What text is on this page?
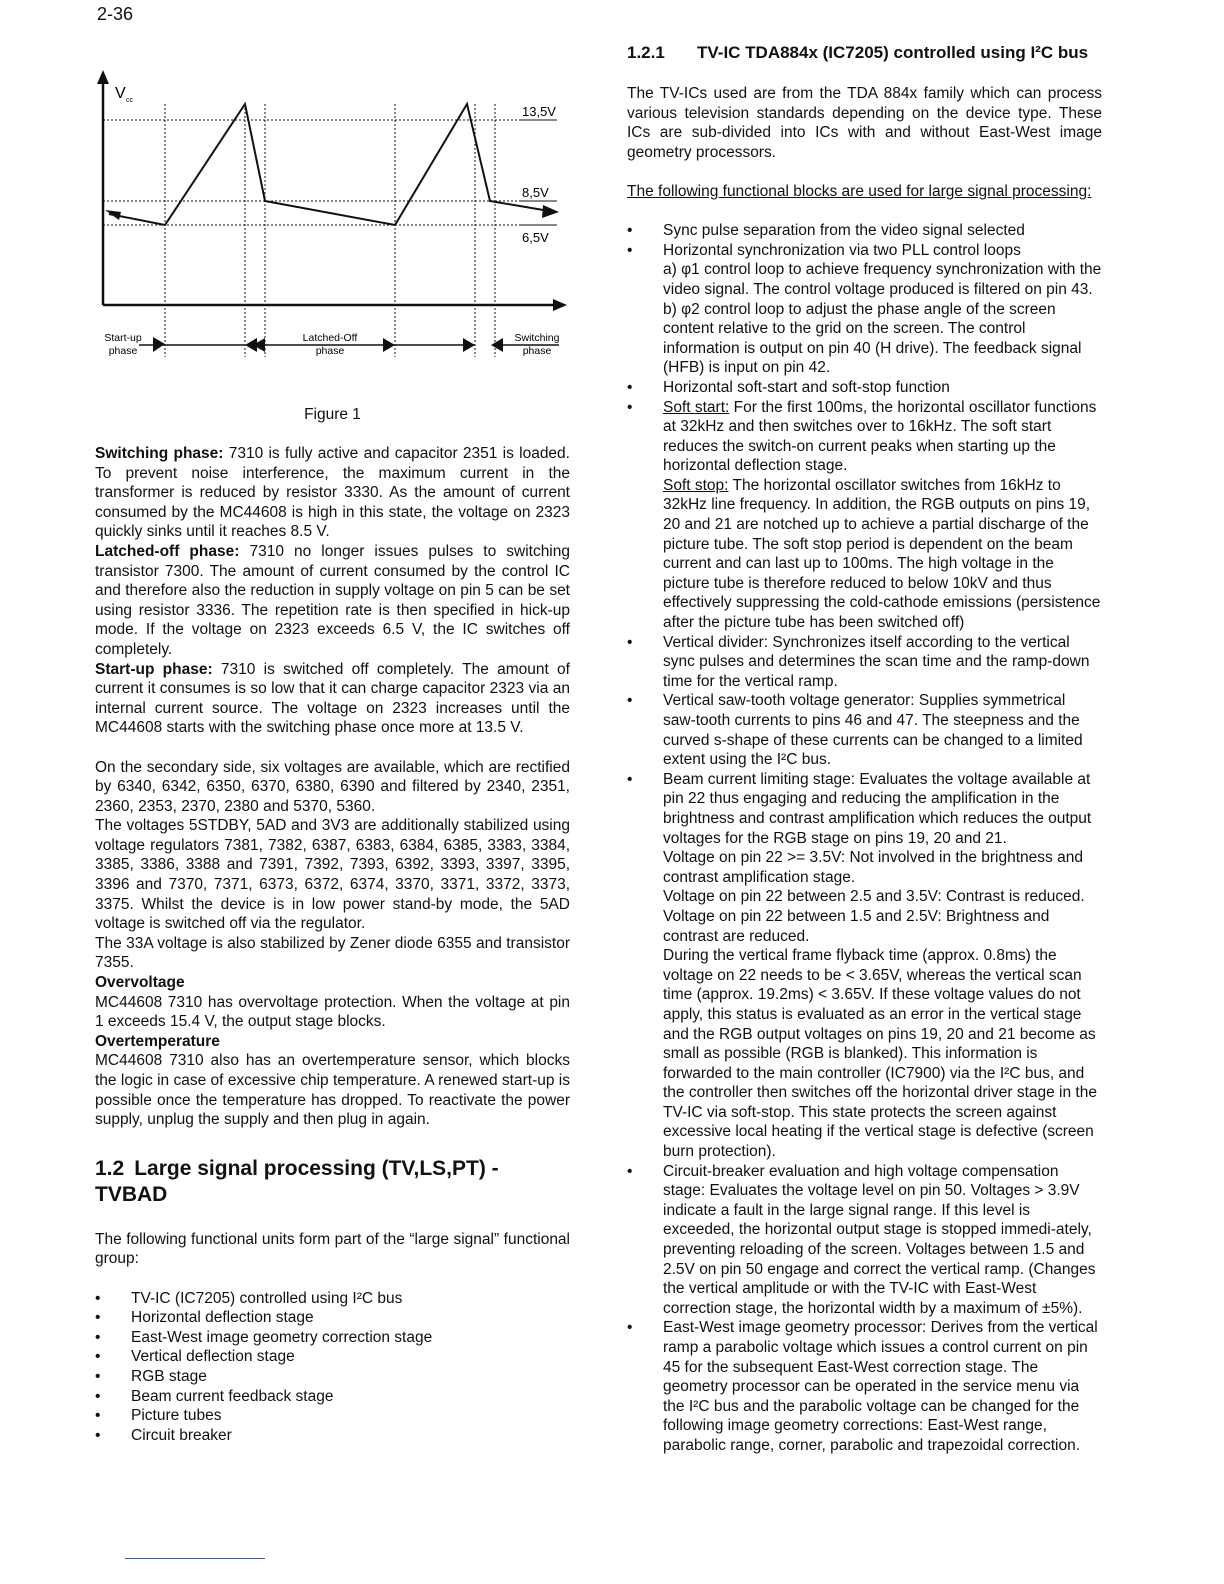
2-36
V cc
13,5V
8,5V
6,5V
Start-up
phase
Latched-Off
phase
Switching
phase
Figure 1

Switching phase: 7310 is fully active and capacitor 2351 is loaded. To prevent noise interference, the maximum current in the transformer is reduced by resistor 3330. As the amount of current consumed by the MC44608 is high in this state, the voltage on 2323 quickly sinks until it reaches 8.5 V.

Latched-off phase: 7310 no longer issues pulses to switching transistor 7300. The amount of current consumed by the control IC and therefore also the reduction in supply voltage on pin 5 can be set using resistor 3336. The repetition rate is then specified in hick-up mode. If the voltage on 2323 exceeds 6.5 V, the IC switches off completely.

Start-up phase: 7310 is switched off completely. The amount of current it consumes is so low that it can charge capacitor 2323 via an internal current source. The voltage on 2323 increases until the MC44608 starts with the switching phase once more at 13.5 V.

On the secondary side, six voltages are available, which are rectified by 6340, 6342, 6350, 6370, 6380, 6390 and filtered by 2340, 2351, 2360, 2353, 2370, 2380 and 5370, 5360.

The voltages 5STDBY, 5AD and 3V3 are additionally stabilized using voltage regulators 7381, 7382, 6387, 6383, 6384, 6385, 3383, 3384, 3385, 3386, 3388 and 7391, 7392, 7393, 6392, 3393, 3397, 3395, 3396 and 7370, 7371, 6373, 6372, 6374, 3370, 3371, 3372, 3373, 3375. Whilst the device is in low power stand-by mode, the 5AD voltage is switched off via the regulator.

The 33A voltage is also stabilized by Zener diode 6355 and transistor 7355.

Overvoltage

MC44608 7310 has overvoltage protection. When the voltage at pin 1 exceeds 15.4 V, the output stage blocks.

Overtemperature

MC44608 7310 also has an overtemperature sensor, which blocks the logic in case of excessive chip temperature. A renewed start-up is possible once the temperature has dropped. To reactivate the power supply, unplug the supply and then plug in again.

1.2 Large signal processing (TV,LS,PT) - TVBAD

The following functional units form part of the “large signal” functional group:

• TV-IC (IC7205) controlled using I²C bus
• Horizontal deflection stage
• East-West image geometry correction stage
• Vertical deflection stage
• RGB stage
• Beam current feedback stage
• Picture tubes
• Circuit breaker
1.2.1	TV-IC TDA884x (IC7205) controlled using I²C bus

The TV-ICs used are from the TDA 884x family which can process various television standards depending on the device type. These ICs are sub-divided into ICs with and without East-West image geometry processors.

The following functional blocks are used for large signal processing:

• Sync pulse separation from the video signal selected
• Horizontal synchronization via two PLL control loops
a) φ1 control loop to achieve frequency synchronization with the video signal. The control voltage produced is filtered on pin 43.
b) φ2 control loop to adjust the phase angle of the screen content relative to the grid on the screen. The control information is output on pin 40 (H drive). The feedback signal (HFB) is input on pin 42.
• Horizontal soft-start and soft-stop function
• Soft start: For the first 100ms, the horizontal oscillator functions at 32kHz and then switches over to 16kHz. The soft start reduces the switch-on current peaks when starting up the horizontal deflection stage.
Soft stop: The horizontal oscillator switches from 16kHz to 32kHz line frequency. In addition, the RGB outputs on pins 19, 20 and 21 are notched up to achieve a partial discharge of the picture tube. The soft stop period is dependent on the beam current and can last up to 100ms. The high voltage in the picture tube is therefore reduced to below 10kV and thus effectively suppressing the cold-cathode emissions (persistence after the picture tube has been switched off)
• Vertical divider: Synchronizes itself according to the vertical sync pulses and determines the scan time and the ramp-down time for the vertical ramp.
• Vertical saw-tooth voltage generator: Supplies symmetrical saw-tooth currents to pins 46 and 47. The steepness and the curved s-shape of these currents can be changed to a limited extent using the I²C bus.
• Beam current limiting stage: Evaluates the voltage available at pin 22 thus engaging and reducing the amplification in the brightness and contrast amplification which reduces the output voltages for the RGB stage on pins 19, 20 and 21.
Voltage on pin 22 >= 3.5V: Not involved in the brightness and contrast amplification stage.
Voltage on pin 22 between 2.5 and 3.5V: Contrast is reduced.
Voltage on pin 22 between 1.5 and 2.5V: Brightness and contrast are reduced.
During the vertical frame flyback time (approx. 0.8ms) the voltage on 22 needs to be < 3.65V, whereas the vertical scan time (approx. 19.2ms) < 3.65V. If these voltage values do not apply, this status is evaluated as an error in the vertical stage and the RGB output voltages on pins 19, 20 and 21 become as small as possible (RGB is blanked). This information is forwarded to the main controller (IC7900) via the I²C bus, and the controller then switches off the horizontal driver stage in the TV-IC via soft-stop. This state protects the screen against excessive local heating if the vertical stage is defective (screen burn protection).
• Circuit-breaker evaluation and high voltage compensation stage: Evaluates the voltage level on pin 50. Voltages > 3.9V indicate a fault in the large signal range. If this level is exceeded, the horizontal output stage is stopped immedi-ately, preventing reloading of the screen. Voltages between 1.5 and 2.5V on pin 50 engage and correct the vertical ramp. (Changes the vertical amplitude or with the TV-IC with East-West correction stage, the horizontal width by a maximum of ±5%).
• East-West image geometry processor: Derives from the vertical ramp a parabolic voltage which issues a control current on pin 45 for the subsequent East-West correction stage. The geometry processor can be operated in the service menu via the I²C bus and the parabolic voltage can be changed for the following image geometry corrections: East-West range, parabolic range, corner, parabolic and trapezoidal correction.
